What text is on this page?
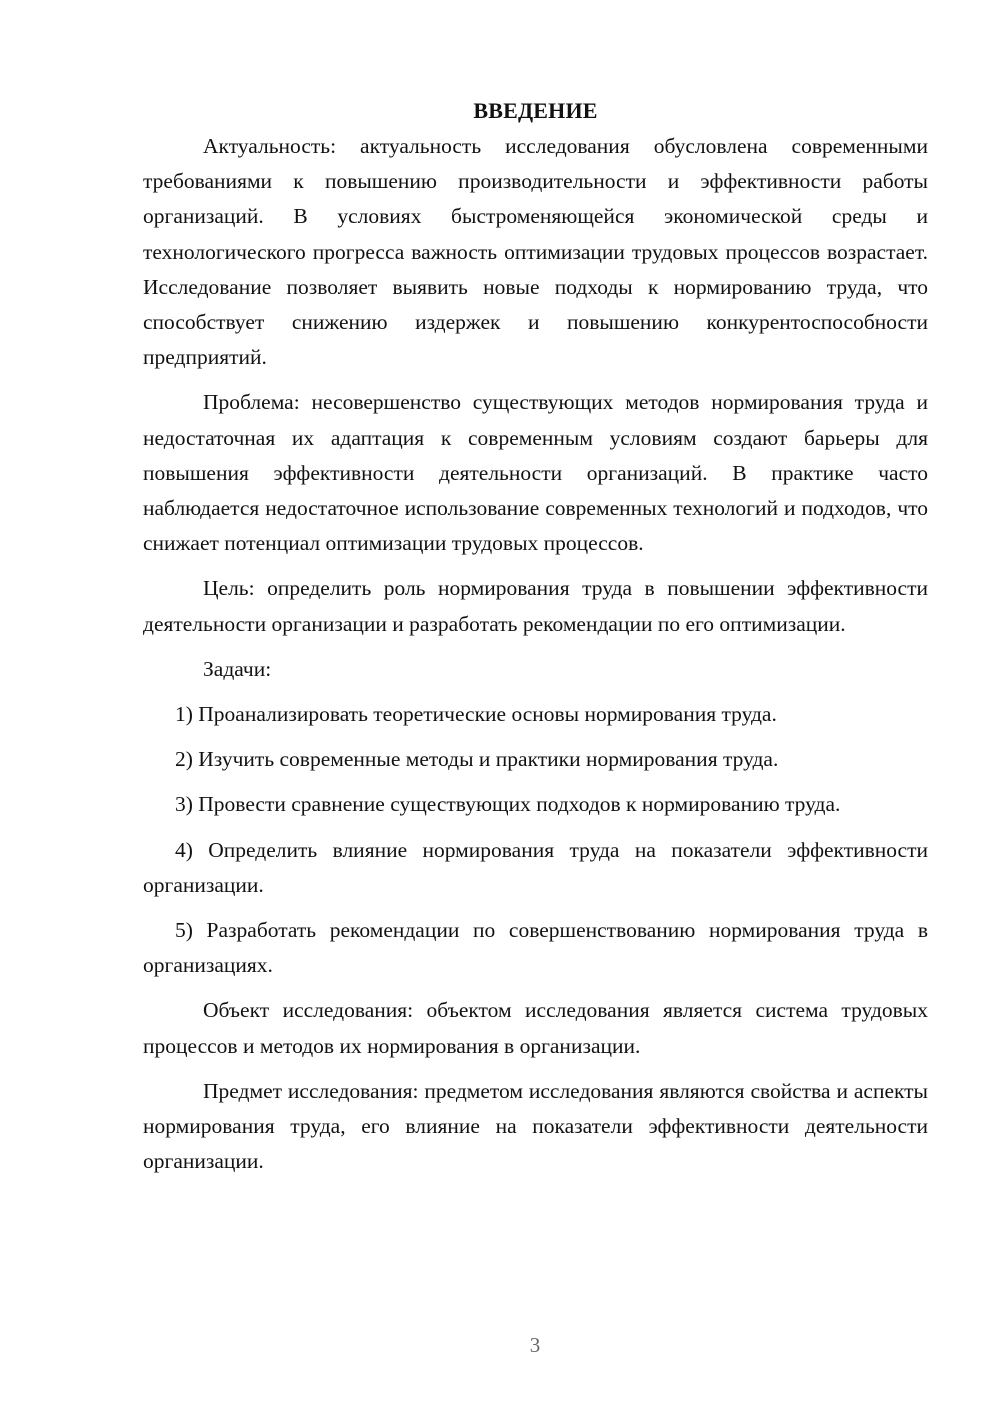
ВВЕДЕНИЕ

Актуальность: актуальность исследования обусловлена современными требованиями к повышению производительности и эффективности работы организаций. В условиях быстроменяющейся экономической среды и технологического прогресса важность оптимизации трудовых процессов возрастает. Исследование позволяет выявить новые подходы к нормированию труда, что способствует снижению издержек и повышению конкурентоспособности предприятий.

Проблема: несовершенство существующих методов нормирования труда и недостаточная их адаптация к современным условиям создают барьеры для повышения эффективности деятельности организаций. В практике часто наблюдается недостаточное использование современных технологий и подходов, что снижает потенциал оптимизации трудовых процессов.

Цель: определить роль нормирования труда в повышении эффективности деятельности организации и разработать рекомендации по его оптимизации.

Задачи:

1) Проанализировать теоретические основы нормирования труда.

2) Изучить современные методы и практики нормирования труда.

3) Провести сравнение существующих подходов к нормированию труда.

4) Определить влияние нормирования труда на показатели эффективности организации.

5) Разработать рекомендации по совершенствованию нормирования труда в организациях.

Объект исследования: объектом исследования является система трудовых процессов и методов их нормирования в организации.

Предмет исследования: предметом исследования являются свойства и аспекты нормирования труда, его влияние на показатели эффективности деятельности организации.

3
